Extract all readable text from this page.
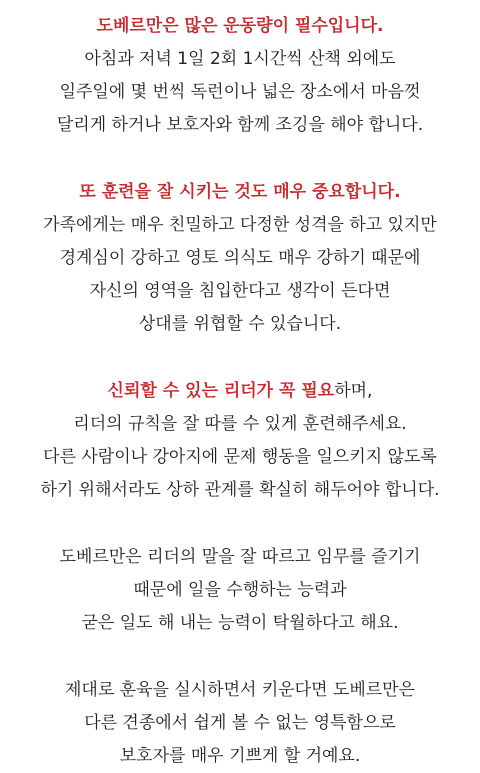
도베르만은 많은 운동량이 필수입니다.
아침과 저녁 1일 2회 1시간씩 산책 외에도
일주일에 몇 번씩 독런이나 넓은 장소에서 마음껏
달리게 하거나 보호자와 함께 조깅을 해야 합니다.
또 훈련을 잘 시키는 것도 매우 중요합니다.
가족에게는 매우 친밀하고 다정한 성격을 하고 있지만
경계심이 강하고 영토 의식도 매우 강하기 때문에
자신의 영역을 침입한다고 생각이 든다면
상대를 위협할 수 있습니다.
신뢰할 수 있는 리더가 꼭 필요하며,
리더의 규칙을 잘 따를 수 있게 훈련해주세요.
다른 사람이나 강아지에 문제 행동을 일으키지 않도록
하기 위해서라도 상하 관계를 확실히 해두어야 합니다.
도베르만은 리더의 말을 잘 따르고 임무를 즐기기
때문에 일을 수행하는 능력과
굳은 일도 해 내는 능력이 탁월하다고 해요.
제대로 훈육을 실시하면서 키운다면 도베르만은
다른 견종에서 쉽게 볼 수 없는 영특함으로
보호자를 매우 기쁘게 할 거예요.
